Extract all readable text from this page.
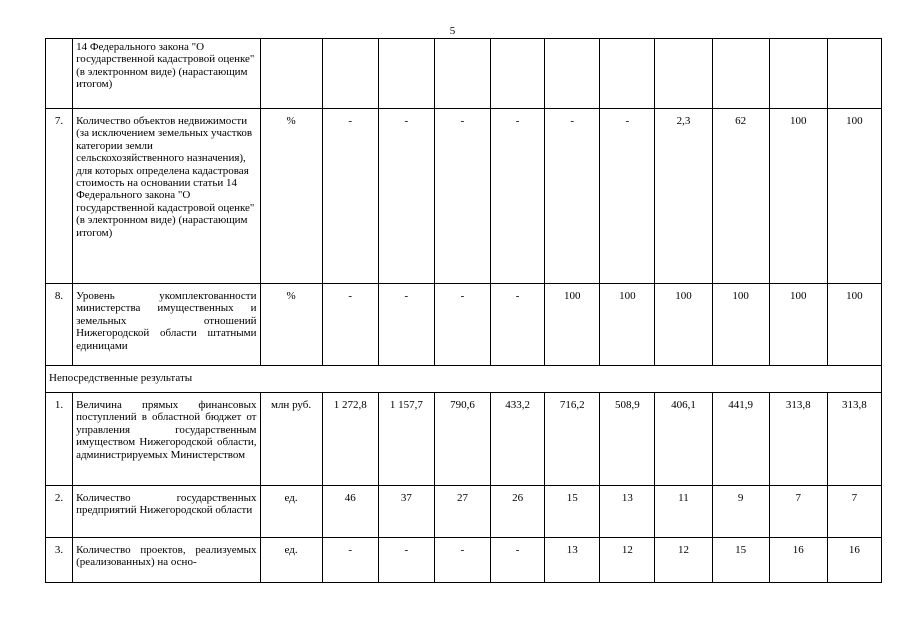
5
	14 Федерального закона "О государственной кадастровой оценке" (в электронном виде) (нарастающим итогом)											
7.	Количество объектов недвижимости (за исключением земельных участков категории земли сельскохозяйственного назначения), для которых определена кадастровая стоимость на основании статьи 14 Федерального закона "О государственной кадастровой оценке" (в электронном виде) (нарастающим итогом)	%	-	-	-	-	-	-	2,3	62	100	100
8.	Уровень укомплектованности министерства имущественных и земельных отношений Нижегородской области штатными единицами	%	-	-	-	-	100	100	100	100	100	100
Непосредственные результаты												
1.	Величина прямых финансовых поступлений в областной бюджет от управления государственным имуществом Нижегородской области, администрируемых Министерством	млн руб.	1 272,8	1 157,7	790,6	433,2	716,2	508,9	406,1	441,9	313,8	313,8
2.	Количество государственных предприятий Нижегородской области	ед.	46	37	27	26	15	13	11	9	7	7
3.	Количество проектов, реализуемых (реализованных) на осно-	ед.	-	-	-	-	13	12	12	15	16	16
